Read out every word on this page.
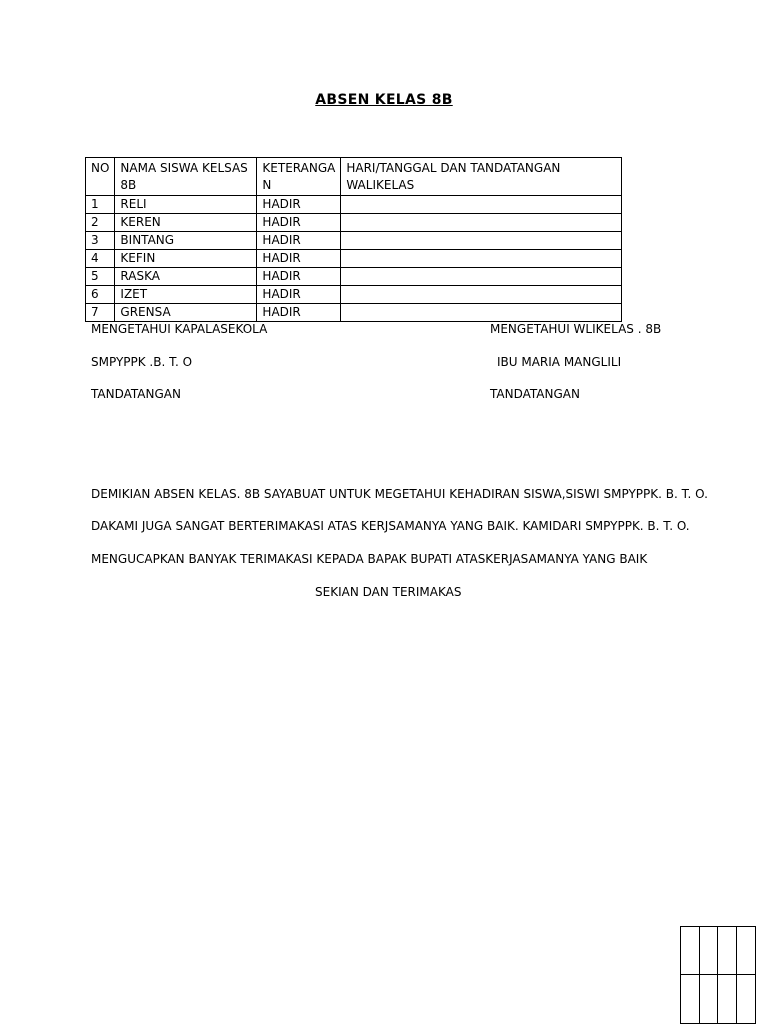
ABSEN KELAS 8B
NO	NAMA SISWA KELSAS 8B	KETERANGA N	HARI/TANGGAL DAN TANDATANGAN WALIKELAS
1	RELI	HADIR	
2	KEREN	HADIR	
3	BINTANG	HADIR	
4	KEFIN	HADIR	
5	RASKA	HADIR	
6	IZET	HADIR	
7	GRENSA	HADIR	
MENGETAHUI KAPALASEKOLA
SMPYPPK .B. T. O
TANDATANGAN
MENGETAHUI WLIKELAS . 8B
IBU MARIA MANGLILI
TANDATANGAN
DEMIKIAN ABSEN KELAS. 8B SAYABUAT UNTUK MEGETAHUI KEHADIRAN SISWA,SISWI SMPYPPK. B. T. O.
DAKAMI JUGA SANGAT BERTERIMAKASI ATAS KERJSAMANYA YANG BAIK. KAMIDARI SMPYPPK. B. T. O.
MENGUCAPKAN BANYAK TERIMAKASI KEPADA BAPAK BUPATI ATASKERJASAMANYA YANG BAIK
SEKIAN DAN TERIMAKAS
